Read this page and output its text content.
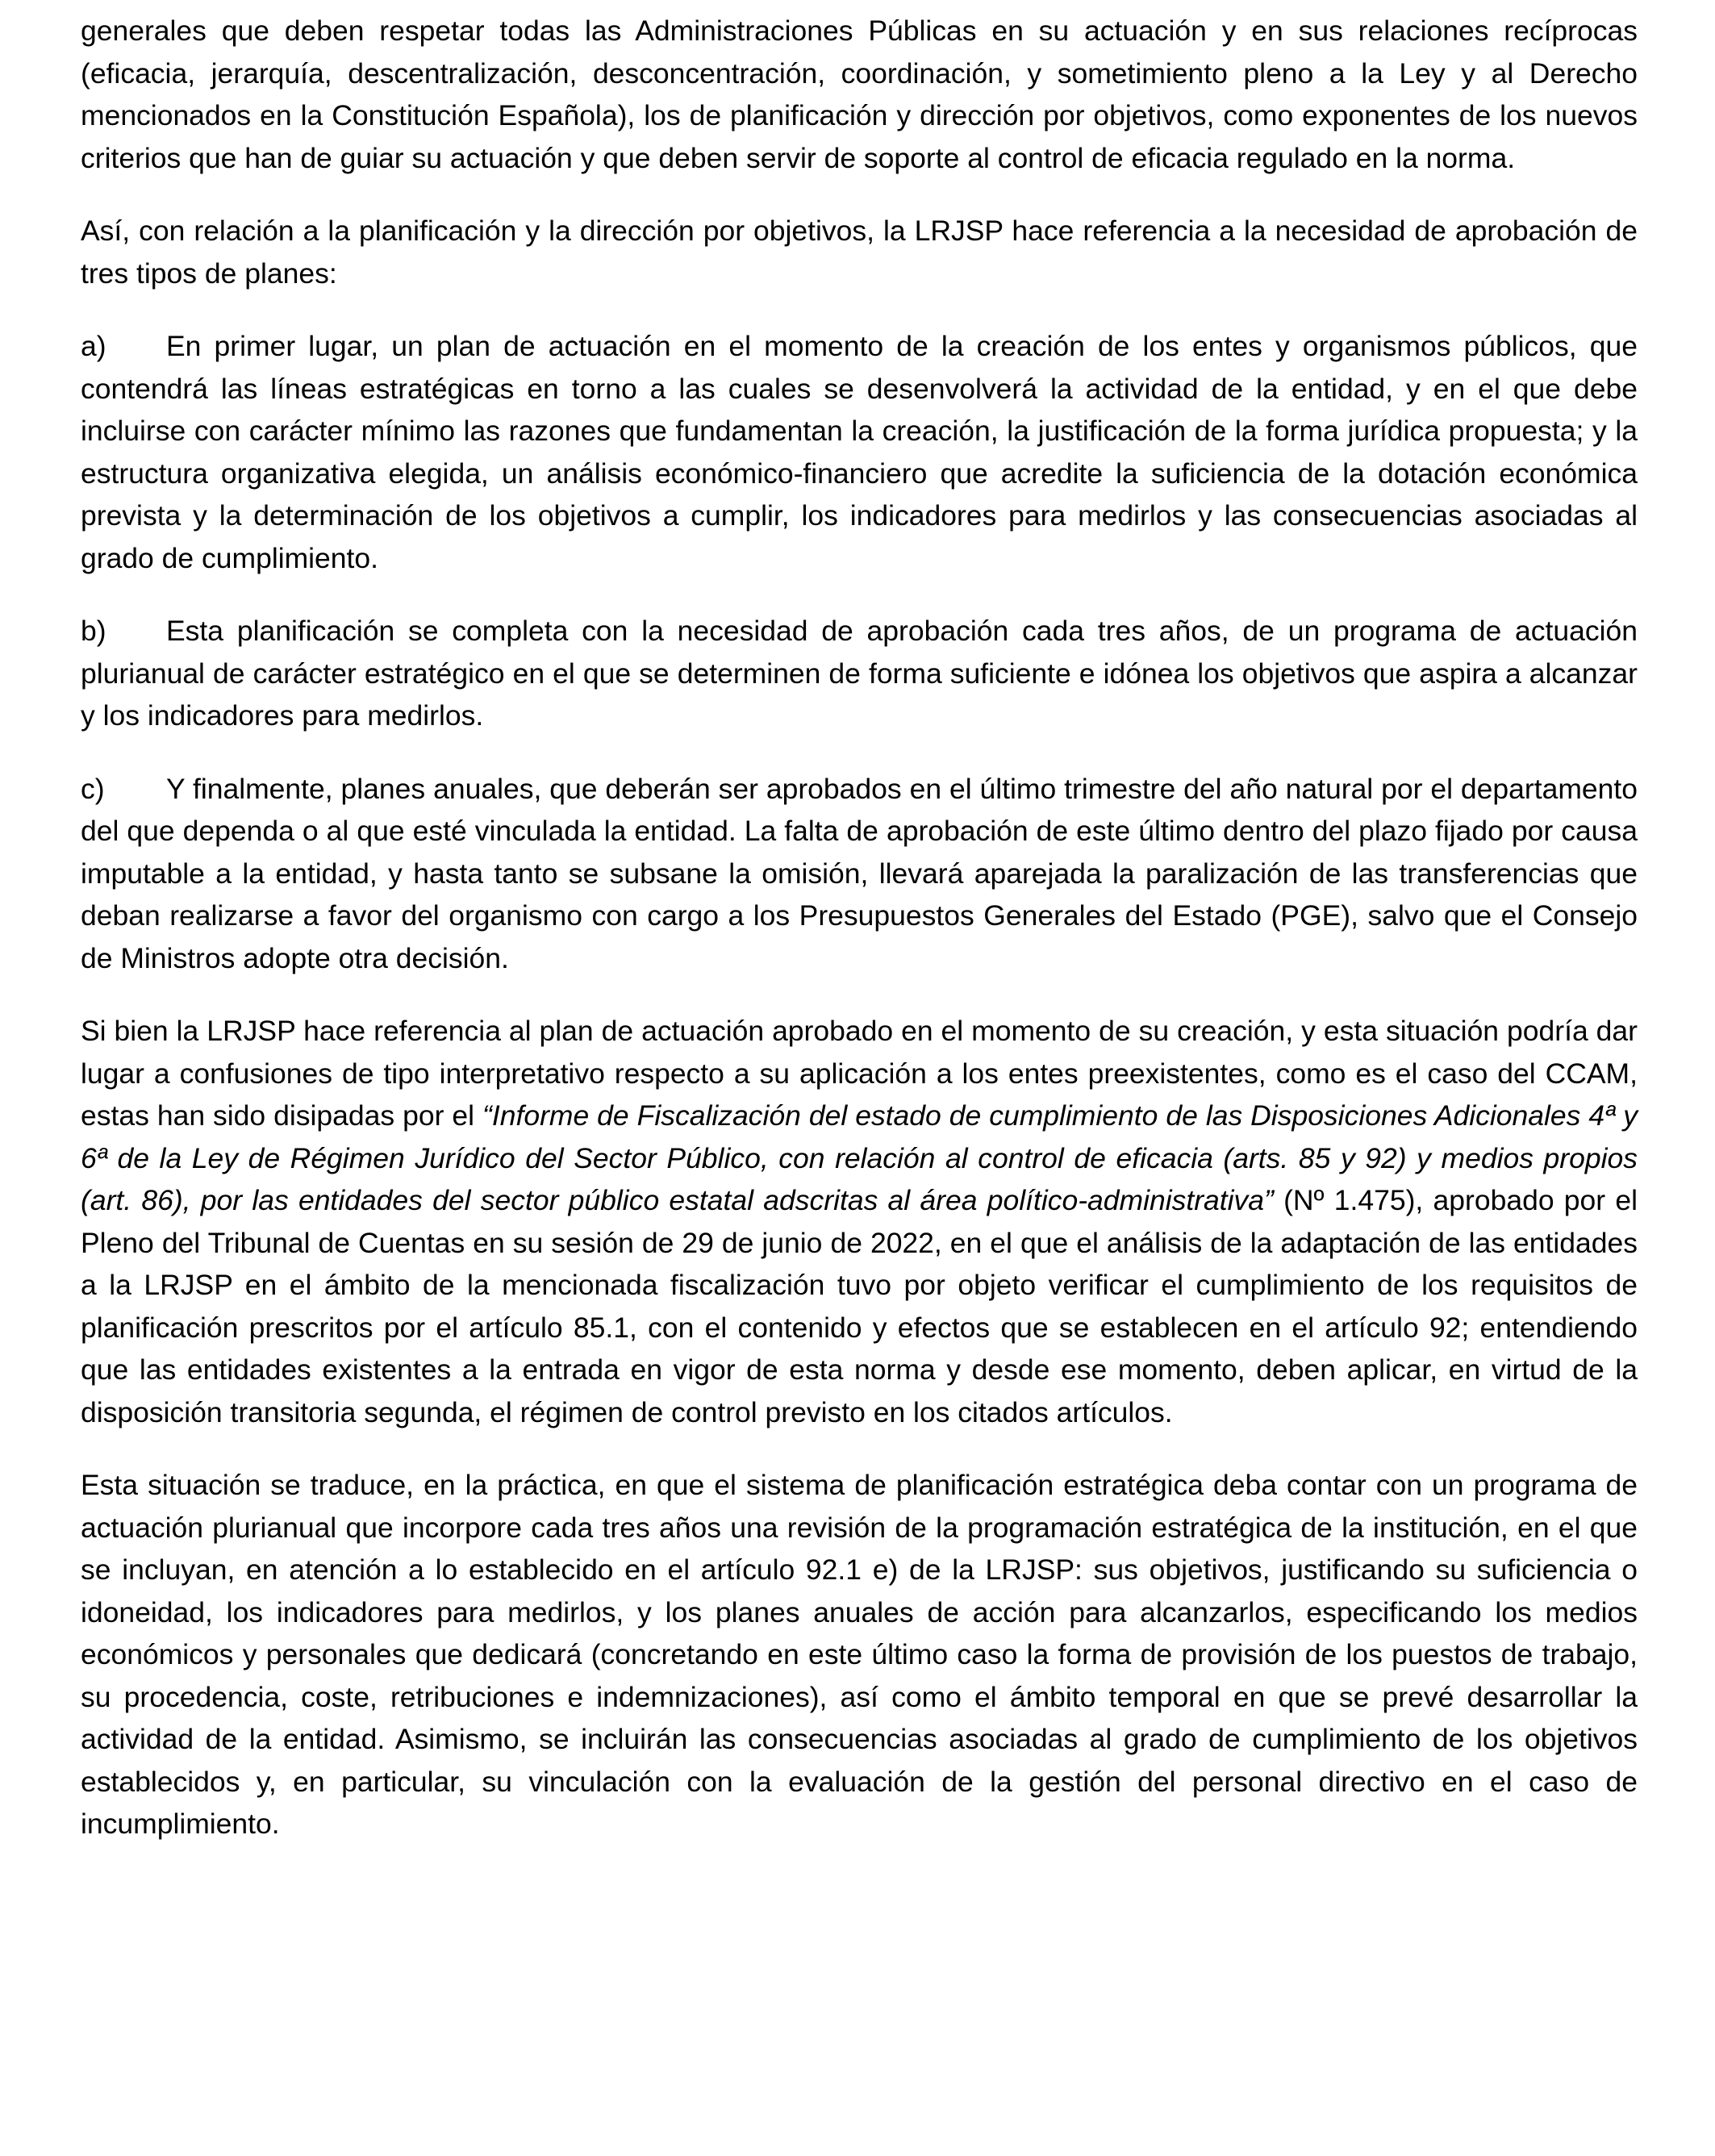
generales que deben respetar todas las Administraciones Públicas en su actuación y en sus relaciones recíprocas (eficacia, jerarquía, descentralización, desconcentración, coordinación, y sometimiento pleno a la Ley y al Derecho mencionados en la Constitución Española), los de planificación y dirección por objetivos, como exponentes de los nuevos criterios que han de guiar su actuación y que deben servir de soporte al control de eficacia regulado en la norma.

Así, con relación a la planificación y la dirección por objetivos, la LRJSP hace referencia a la necesidad de aprobación de tres tipos de planes:

a) En primer lugar, un plan de actuación en el momento de la creación de los entes y organismos públicos, que contendrá las líneas estratégicas en torno a las cuales se desenvolverá la actividad de la entidad, y en el que debe incluirse con carácter mínimo las razones que fundamentan la creación, la justificación de la forma jurídica propuesta; y la estructura organizativa elegida, un análisis económico-financiero que acredite la suficiencia de la dotación económica prevista y la determinación de los objetivos a cumplir, los indicadores para medirlos y las consecuencias asociadas al grado de cumplimiento.

b) Esta planificación se completa con la necesidad de aprobación cada tres años, de un programa de actuación plurianual de carácter estratégico en el que se determinen de forma suficiente e idónea los objetivos que aspira a alcanzar y los indicadores para medirlos.

c) Y finalmente, planes anuales, que deberán ser aprobados en el último trimestre del año natural por el departamento del que dependa o al que esté vinculada la entidad. La falta de aprobación de este último dentro del plazo fijado por causa imputable a la entidad, y hasta tanto se subsane la omisión, llevará aparejada la paralización de las transferencias que deban realizarse a favor del organismo con cargo a los Presupuestos Generales del Estado (PGE), salvo que el Consejo de Ministros adopte otra decisión.

Si bien la LRJSP hace referencia al plan de actuación aprobado en el momento de su creación, y esta situación podría dar lugar a confusiones de tipo interpretativo respecto a su aplicación a los entes preexistentes, como es el caso del CCAM, estas han sido disipadas por el “Informe de Fiscalización del estado de cumplimiento de las Disposiciones Adicionales 4ª y 6ª de la Ley de Régimen Jurídico del Sector Público, con relación al control de eficacia (arts. 85 y 92) y medios propios (art. 86), por las entidades del sector público estatal adscritas al área político-administrativa” (Nº 1.475), aprobado por el Pleno del Tribunal de Cuentas en su sesión de 29 de junio de 2022, en el que el análisis de la adaptación de las entidades a la LRJSP en el ámbito de la mencionada fiscalización tuvo por objeto verificar el cumplimiento de los requisitos de planificación prescritos por el artículo 85.1, con el contenido y efectos que se establecen en el artículo 92; entendiendo que las entidades existentes a la entrada en vigor de esta norma y desde ese momento, deben aplicar, en virtud de la disposición transitoria segunda, el régimen de control previsto en los citados artículos.

Esta situación se traduce, en la práctica, en que el sistema de planificación estratégica deba contar con un programa de actuación plurianual que incorpore cada tres años una revisión de la programación estratégica de la institución, en el que se incluyan, en atención a lo establecido en el artículo 92.1 e) de la LRJSP: sus objetivos, justificando su suficiencia o idoneidad, los indicadores para medirlos, y los planes anuales de acción para alcanzarlos, especificando los medios económicos y personales que dedicará (concretando en este último caso la forma de provisión de los puestos de trabajo, su procedencia, coste, retribuciones e indemnizaciones), así como el ámbito temporal en que se prevé desarrollar la actividad de la entidad. Asimismo, se incluirán las consecuencias asociadas al grado de cumplimiento de los objetivos establecidos y, en particular, su vinculación con la evaluación de la gestión del personal directivo en el caso de incumplimiento.
